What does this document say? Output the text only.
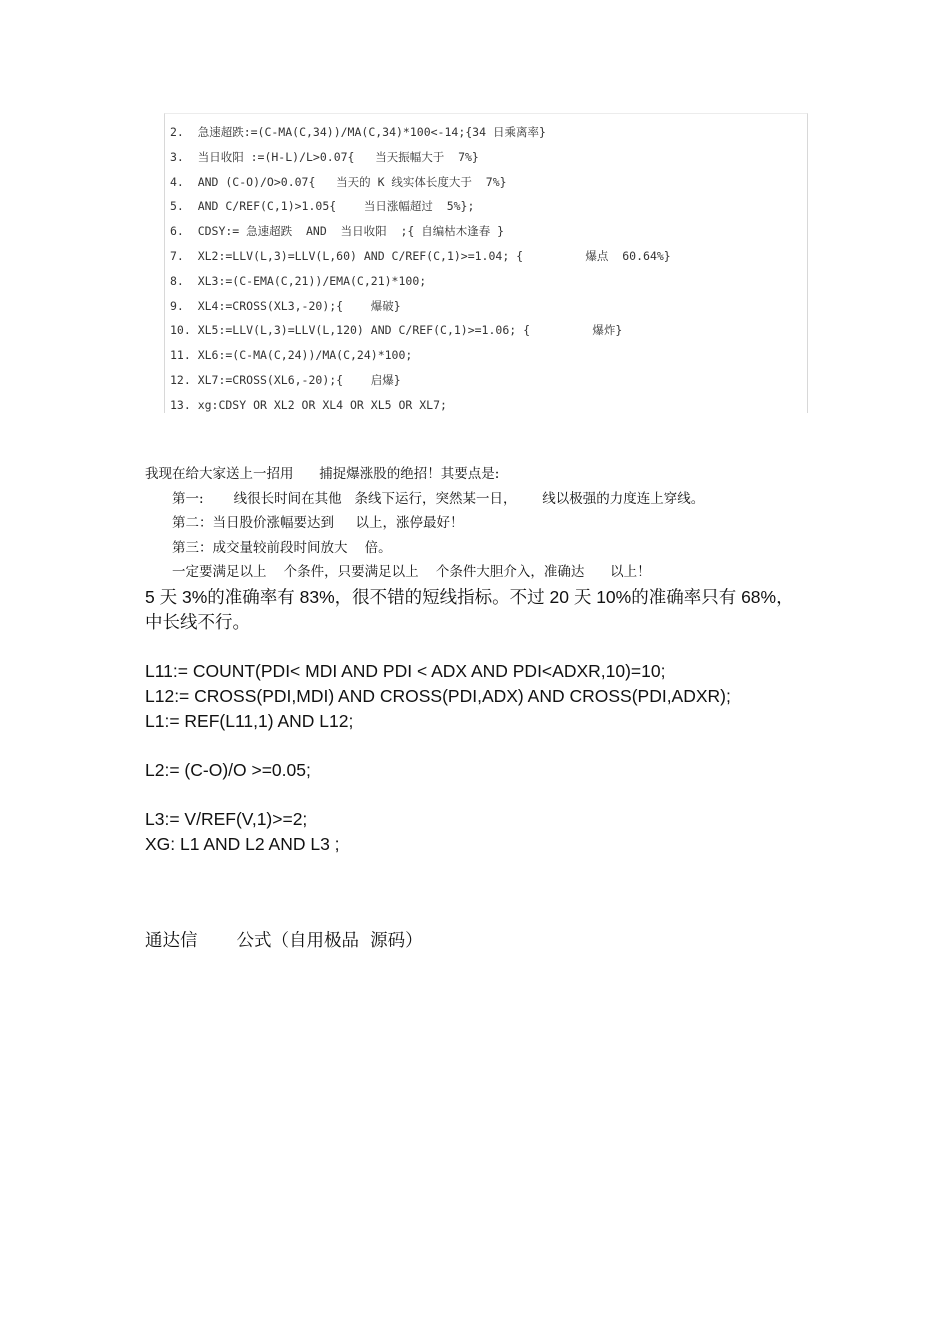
2.  急速超跌:=(C-MA(C,34))/MA(C,34)*100<-14;{34 日乘离率}
3.  当日收阳 :=(H-L)/L>0.07{   当天振幅大于  7%}
4.  AND (C-O)/O>0.07{   当天的 K 线实体长度大于  7%}
5.  AND C/REF(C,1)>1.05{    当日涨幅超过  5%};
6.  CDSY:= 急速超跌  AND  当日收阳  ;{ 自编枯木逢春 }
7.  XL2:=LLV(L,3)=LLV(L,60) AND C/REF(C,1)>=1.04; {         爆点  60.64%}
8.  XL3:=(C-EMA(C,21))/EMA(C,21)*100;
9.  XL4:=CROSS(XL3,-20);{    爆破}
10. XL5:=LLV(L,3)=LLV(L,120) AND C/REF(C,1)>=1.06; {         爆炸}
11. XL6:=(C-MA(C,24))/MA(C,24)*100;
12. XL7:=CROSS(XL6,-20);{    启爆}
13. xg:CDSY OR XL2 OR XL4 OR XL5 OR XL7;

我现在给大家送上一招用      捕捉爆涨股的绝招！其要点是:

第一:       线很长时间在其他   条线下运行，突然某一日，      线以极强的力度连上穿线。

第二：当日股价涨幅要达到     以上，涨停最好！

第三：成交量较前段时间放大    倍。

一定要满足以上    个条件，只要满足以上    个条件大胆介入，准确达      以上！

5 天 3%的准确率有 83%，很不错的短线指标。不过 20 天 10%的准确率只有 68%，中长线不行。

L11:= COUNT(PDI< MDI AND PDI < ADX AND PDI<ADXR,10)=10;

L12:= CROSS(PDI,MDI) AND CROSS(PDI,ADX) AND CROSS(PDI,ADXR);

L1:= REF(L11,1) AND L12;

L2:= (C-O)/O >=0.05;

L3:= V/REF(V,1)>=2;

XG: L1 AND L2 AND L3 ;

通达信       公式（自用极品  源码）
